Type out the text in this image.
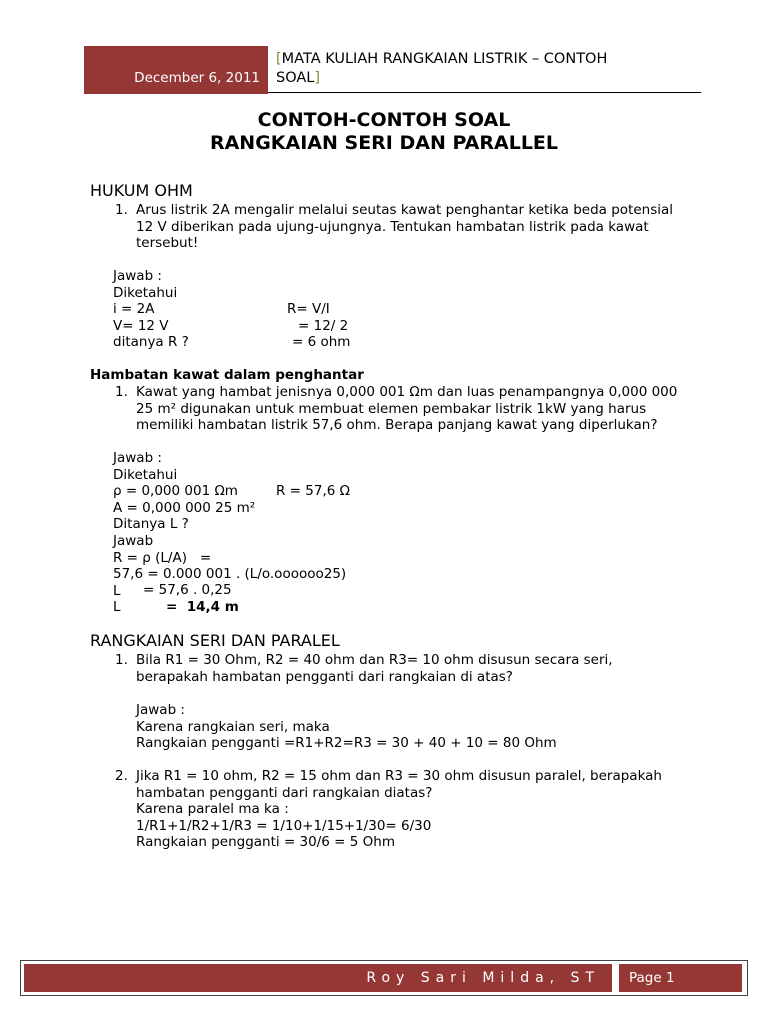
December 6, 2011
[MATA KULIAH RANGKAIAN LISTRIK – CONTOH
SOAL]
CONTOH-CONTOH SOAL
RANGKAIAN SERI DAN PARALLEL
HUKUM OHM
1. Arus listrik 2A mengalir melalui seutas kawat penghantar ketika beda potensial
12 V diberikan pada ujung-ujungnya. Tentukan hambatan listrik pada kawat
tersebut!
Jawab :
Diketahui
i = 2A
V= 12 V
ditanya R ?
R= V/I
= 12/ 2
= 6 ohm
Hambatan kawat dalam penghantar
1. Kawat yang hambat jenisnya 0,000 001 Ωm dan luas penampangnya 0,000 000
25 m² digunakan untuk membuat elemen pembakar listrik 1kW yang harus
memiliki hambatan listrik 57,6 ohm. Berapa panjang kawat yang diperlukan?
Jawab :
Diketahui
ρ = 0,000 001 Ωm
A = 0,000 000 25 m²
Ditanya L ?
Jawab
R = ρ (L/A)   =
57,6 = 0.000 001 . (L/o.oooooo25)
L
L
R = 57,6 Ω
= 57,6 . 0,25
=  14,4 m
RANGKAIAN SERI DAN PARALEL
1. Bila R1 = 30 Ohm, R2 = 40 ohm dan R3= 10 ohm disusun secara seri,
berapakah hambatan pengganti dari rangkaian di atas?
Jawab :
Karena rangkaian seri, maka
Rangkaian pengganti =R1+R2=R3 = 30 + 40 + 10 = 80 Ohm
2. Jika R1 = 10 ohm, R2 = 15 ohm dan R3 = 30 ohm disusun paralel, berapakah
hambatan pengganti dari rangkaian diatas?
Karena paralel ma ka :
1/R1+1/R2+1/R3 = 1/10+1/15+1/30= 6/30
Rangkaian pengganti = 30/6 = 5 Ohm
Roy Sari Milda, ST Page 1
